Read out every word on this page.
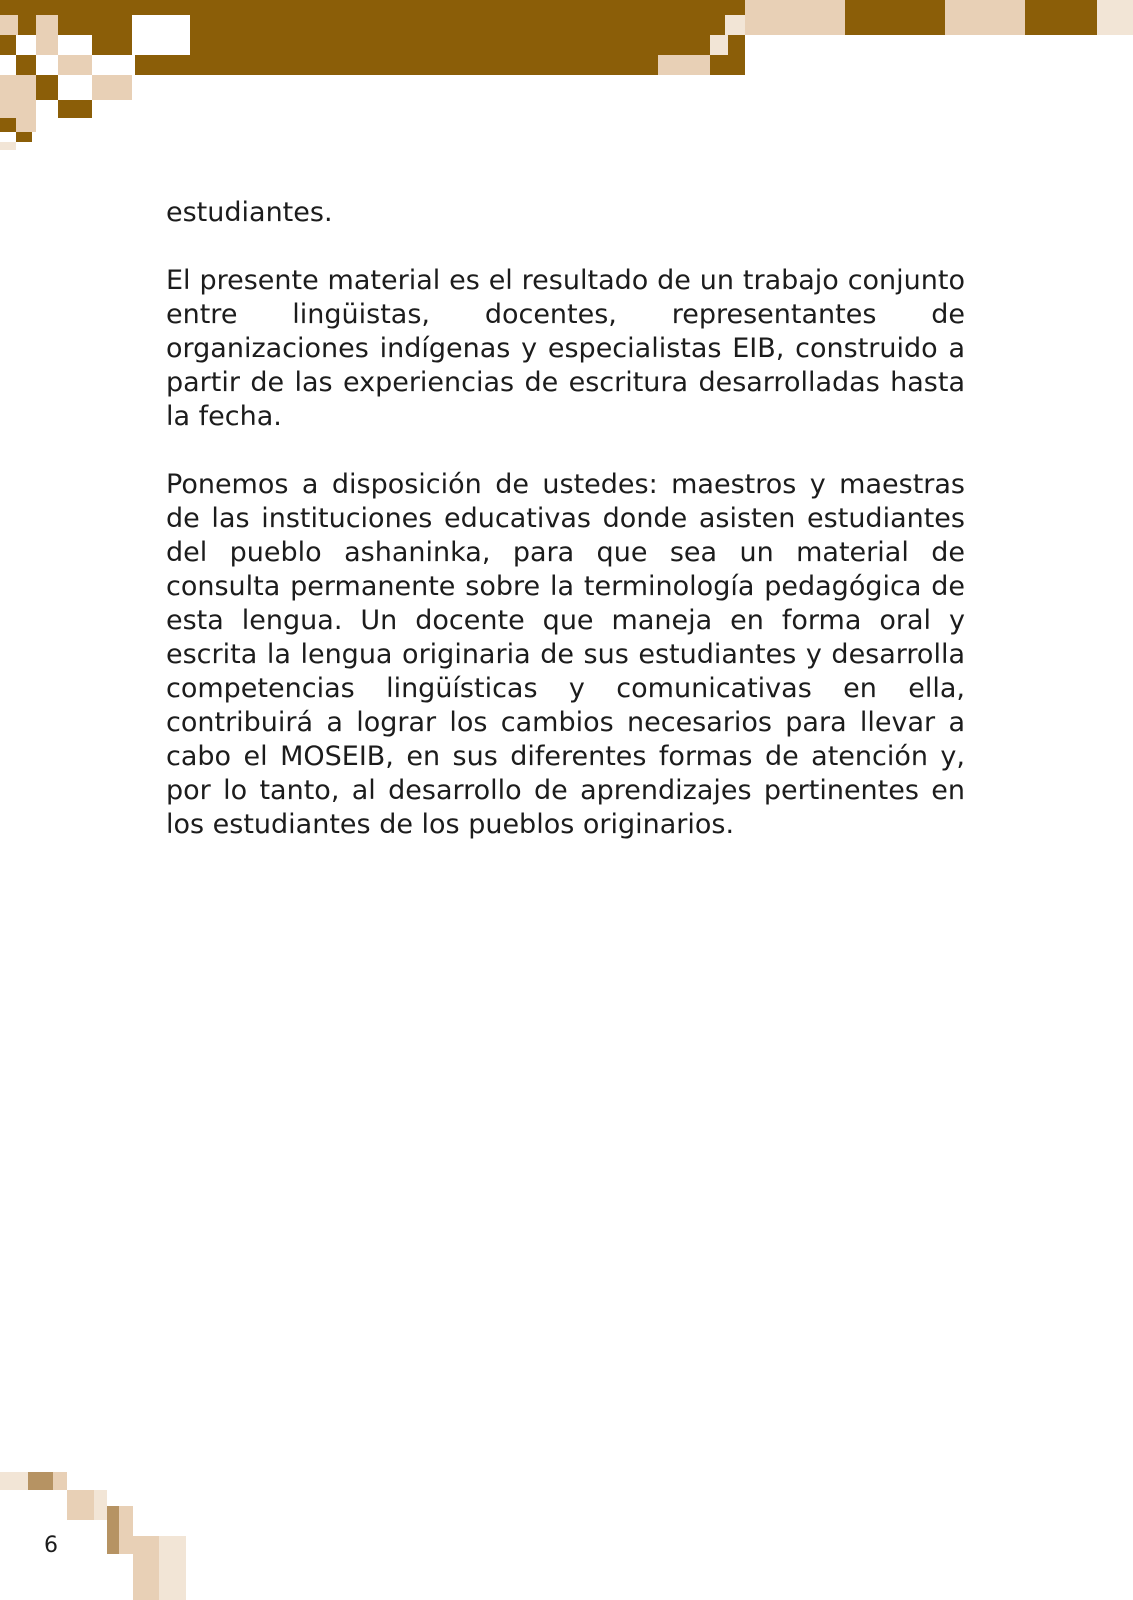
estudiantes.

El presente material es el resultado de un trabajo conjunto entre lingüistas, docentes, representantes de organizaciones indígenas y especialistas EIB, construido a partir de las experiencias de escritura desarrolladas hasta la fecha.

Ponemos a disposición de ustedes: maestros y maestras de las instituciones educativas donde asisten estudiantes del pueblo ashaninka, para que sea un material de consulta permanente sobre la terminología pedagógica de esta lengua. Un docente que maneja en forma oral y escrita la lengua originaria de sus estudiantes y desarrolla competencias lingüísticas y comunicativas en ella, contribuirá a lograr los cambios necesarios para llevar a cabo el MOSEIB, en sus diferentes formas de atención y, por lo tanto, al desarrollo de aprendizajes pertinentes en los estudiantes de los pueblos originarios.

6
